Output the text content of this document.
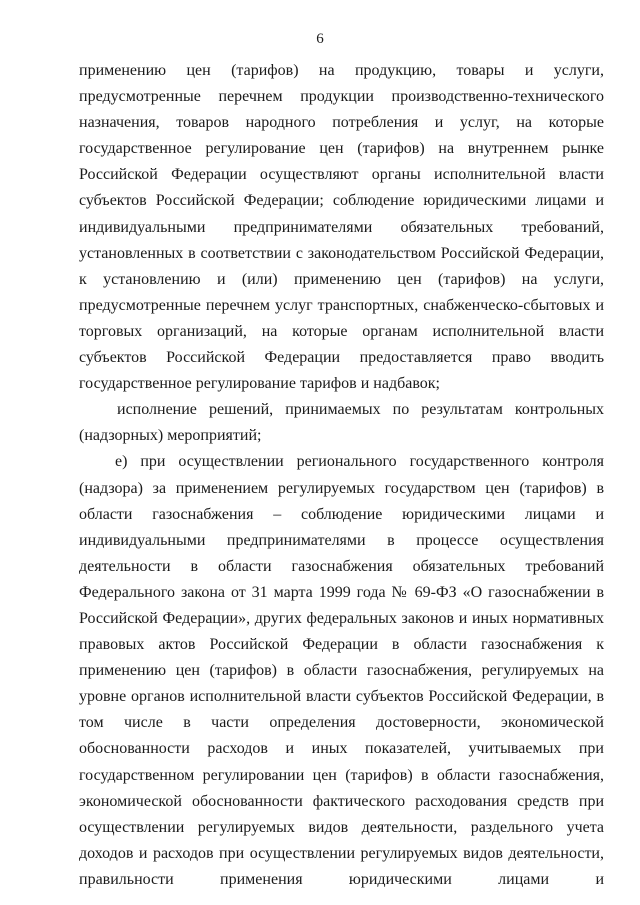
6

применению цен (тарифов) на продукцию, товары и услуги, предусмотренные перечнем продукции производственно-технического назначения, товаров народного потребления и услуг, на которые государственное регулирование цен (тарифов) на внутреннем рынке Российской Федерации осуществляют органы исполнительной власти субъектов Российской Федерации; соблюдение юридическими лицами и индивидуальными предпринимателями обязательных требований, установленных в соответствии с законодательством Российской Федерации, к установлению и (или) применению цен (тарифов) на услуги, предусмотренные перечнем услуг транспортных, снабженческо-сбытовых и торговых организаций, на которые органам исполнительной власти субъектов Российской Федерации предоставляется право вводить государственное регулирование тарифов и надбавок;

исполнение решений, принимаемых по результатам контрольных (надзорных) мероприятий;

е) при осуществлении регионального государственного контроля (надзора) за применением регулируемых государством цен (тарифов) в области газоснабжения – соблюдение юридическими лицами и индивидуальными предпринимателями в процессе осуществления деятельности в области газоснабжения обязательных требований Федерального закона от 31 марта 1999 года № 69-ФЗ «О газоснабжении в Российской Федерации», других федеральных законов и иных нормативных правовых актов Российской Федерации в области газоснабжения к применению цен (тарифов) в области газоснабжения, регулируемых на уровне органов исполнительной власти субъектов Российской Федерации, в том числе в части определения достоверности, экономической обоснованности расходов и иных показателей, учитываемых при государственном регулировании цен (тарифов) в области газоснабжения, экономической обоснованности фактического расходования средств при осуществлении регулируемых видов деятельности, раздельного учета доходов и расходов при осуществлении регулируемых видов деятельности, правильности применения юридическими лицами и
